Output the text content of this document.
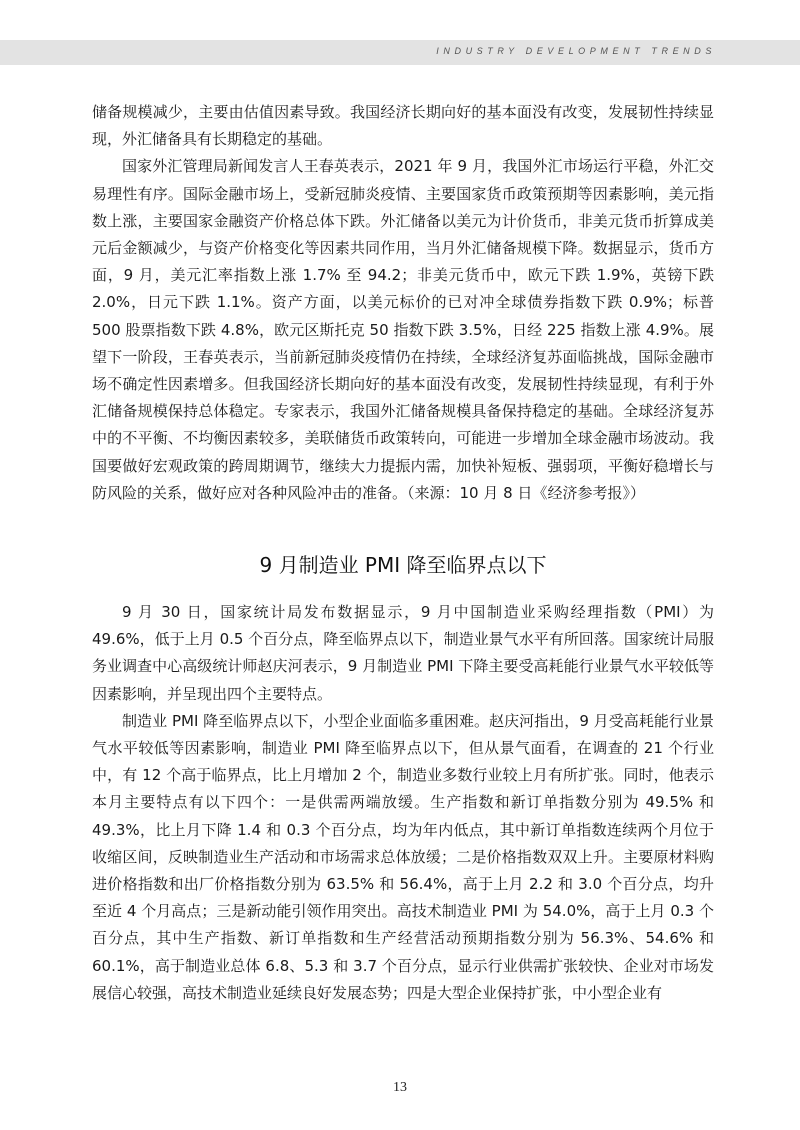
INDUSTRY DEVELOPMENT TRENDS

储备规模减少，主要由估值因素导致。我国经济长期向好的基本面没有改变，发展韧性持续显现，外汇储备具有长期稳定的基础。

国家外汇管理局新闻发言人王春英表示，2021 年 9 月，我国外汇市场运行平稳，外汇交易理性有序。国际金融市场上，受新冠肺炎疫情、主要国家货币政策预期等因素影响，美元指数上涨，主要国家金融资产价格总体下跌。外汇储备以美元为计价货币，非美元货币折算成美元后金额减少，与资产价格变化等因素共同作用，当月外汇储备规模下降。数据显示，货币方面，9 月，美元汇率指数上涨 1.7% 至 94.2；非美元货币中，欧元下跌 1.9%，英镑下跌 2.0%，日元下跌 1.1%。资产方面，以美元标价的已对冲全球债券指数下跌 0.9%；标普 500 股票指数下跌 4.8%，欧元区斯托克 50 指数下跌 3.5%，日经 225 指数上涨 4.9%。展望下一阶段，王春英表示，当前新冠肺炎疫情仍在持续，全球经济复苏面临挑战，国际金融市场不确定性因素增多。但我国经济长期向好的基本面没有改变，发展韧性持续显现，有利于外汇储备规模保持总体稳定。专家表示，我国外汇储备规模具备保持稳定的基础。全球经济复苏中的不平衡、不均衡因素较多，美联储货币政策转向，可能进一步增加全球金融市场波动。我国要做好宏观政策的跨周期调节，继续大力提振内需，加快补短板、强弱项，平衡好稳增长与防风险的关系，做好应对各种风险冲击的准备。（来源：10 月 8 日《经济参考报》）

9 月制造业 PMI 降至临界点以下

9 月 30 日，国家统计局发布数据显示，9 月中国制造业采购经理指数（PMI）为 49.6%，低于上月 0.5 个百分点，降至临界点以下，制造业景气水平有所回落。国家统计局服务业调查中心高级统计师赵庆河表示，9 月制造业 PMI 下降主要受高耗能行业景气水平较低等因素影响，并呈现出四个主要特点。

制造业 PMI 降至临界点以下，小型企业面临多重困难。赵庆河指出，9 月受高耗能行业景气水平较低等因素影响，制造业 PMI 降至临界点以下，但从景气面看，在调查的 21 个行业中，有 12 个高于临界点，比上月增加 2 个，制造业多数行业较上月有所扩张。同时，他表示本月主要特点有以下四个：一是供需两端放缓。生产指数和新订单指数分别为 49.5% 和 49.3%，比上月下降 1.4 和 0.3 个百分点，均为年内低点，其中新订单指数连续两个月位于收缩区间，反映制造业生产活动和市场需求总体放缓；二是价格指数双双上升。主要原材料购进价格指数和出厂价格指数分别为 63.5% 和 56.4%，高于上月 2.2 和 3.0 个百分点，均升至近 4 个月高点；三是新动能引领作用突出。高技术制造业 PMI 为 54.0%，高于上月 0.3 个百分点，其中生产指数、新订单指数和生产经营活动预期指数分别为 56.3%、54.6% 和 60.1%，高于制造业总体 6.8、5.3 和 3.7 个百分点，显示行业供需扩张较快、企业对市场发展信心较强，高技术制造业延续良好发展态势；四是大型企业保持扩张，中小型企业有

13
